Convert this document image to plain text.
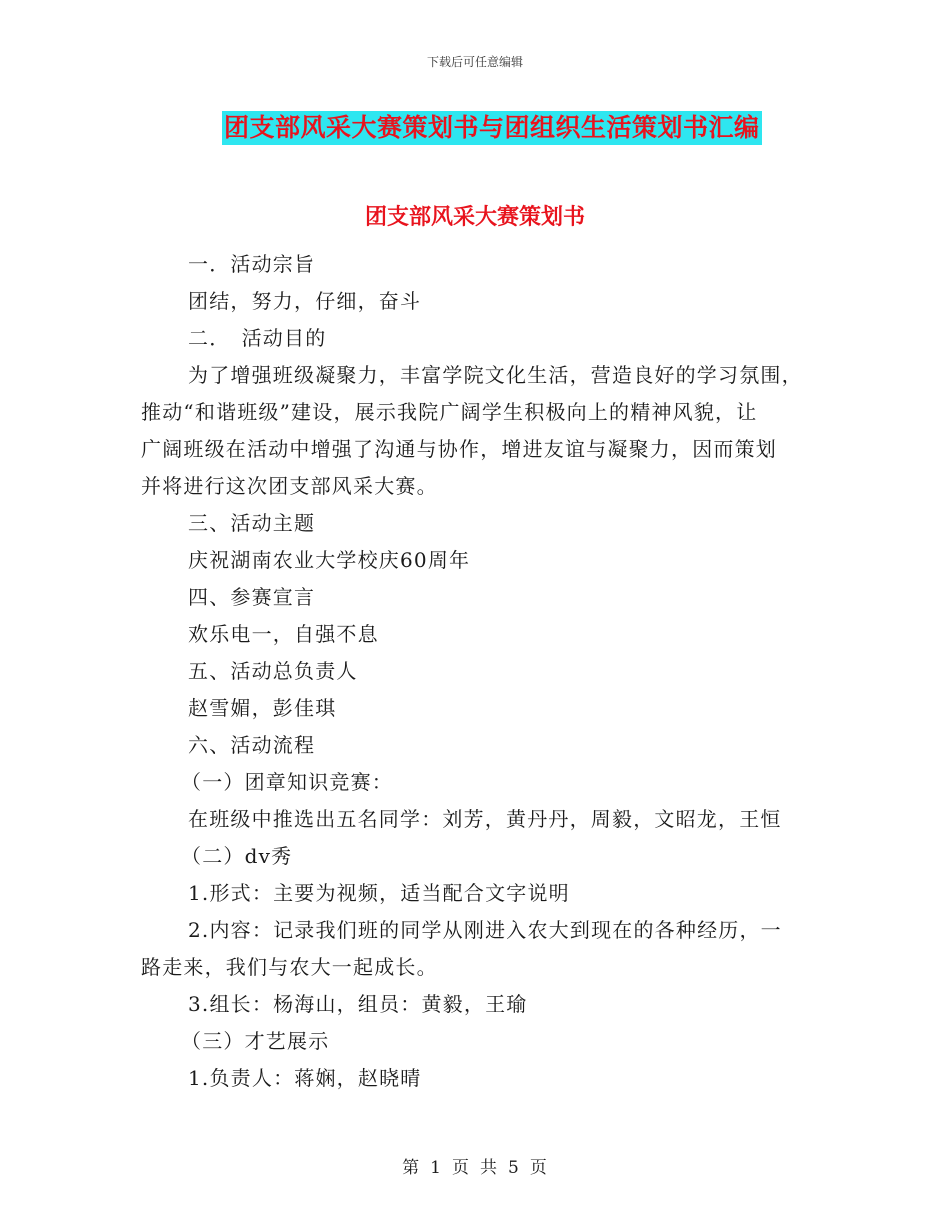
下载后可任意编辑
团支部风采大赛策划书与团组织生活策划书汇编
团支部风采大赛策划书
一．活动宗旨
团结，努力，仔细，奋斗
二．　活动目的
为了增强班级凝聚力，丰富学院文化生活，营造良好的学习氛围，
推动“和谐班级”建设，展示我院广阔学生积极向上的精神风貌，让
广阔班级在活动中增强了沟通与协作，增进友谊与凝聚力，因而策划
并将进行这次团支部风采大赛。
三、活动主题
庆祝湖南农业大学校庆60周年
四、参赛宣言
欢乐电一，自强不息
五、活动总负责人
赵雪媚，彭佳琪
六、活动流程
（一）团章知识竞赛：
在班级中推选出五名同学：刘芳，黄丹丹，周毅，文昭龙，王恒
（二）dv秀
1.形式：主要为视频，适当配合文字说明
2.内容：记录我们班的同学从刚进入农大到现在的各种经历，一
路走来，我们与农大一起成长。
3.组长：杨海山，组员：黄毅，王瑜
（三）才艺展示
1.负责人：蒋娴，赵晓晴
第 1 页 共 5 页
